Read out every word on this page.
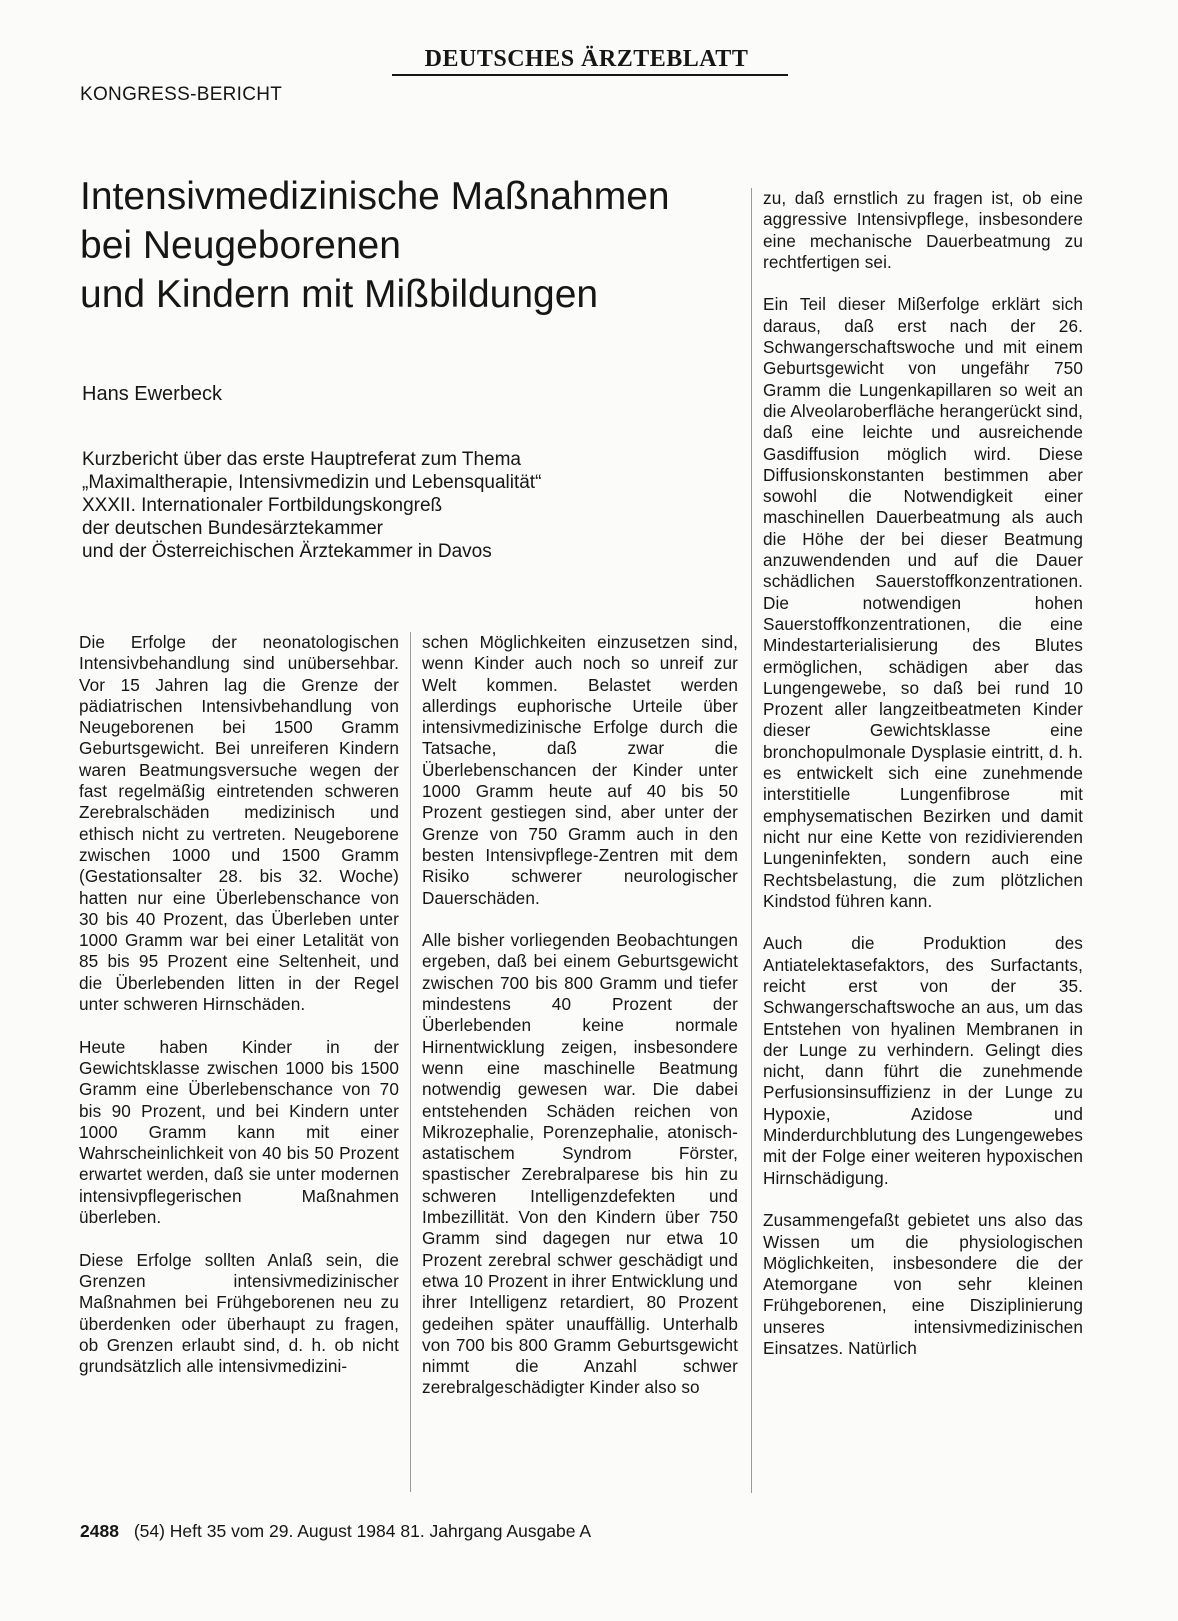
DEUTSCHES ÄRZTEBLATT
KONGRESS-BERICHT
Intensivmedizinische Maßnahmen
bei Neugeborenen
und Kindern mit Mißbildungen
Hans Ewerbeck
Kurzbericht über das erste Hauptreferat zum Thema
„Maximaltherapie, Intensivmedizin und Lebensqualität“
XXXII. Internationaler Fortbildungskongreß
der deutschen Bundesärztekammer
und der Österreichischen Ärztekammer in Davos

Die Erfolge der neonatologischen Intensivbehandlung sind unübersehbar. Vor 15 Jahren lag die Grenze der pädiatrischen Intensivbehandlung von Neugeborenen bei 1500 Gramm Geburtsgewicht. Bei unreiferen Kindern waren Beatmungsversuche wegen der fast regelmäßig eintretenden schweren Zerebralschäden medizinisch und ethisch nicht zu vertreten. Neugeborene zwischen 1000 und 1500 Gramm (Gestationsalter 28. bis 32. Woche) hatten nur eine Überlebenschance von 30 bis 40 Prozent, das Überleben unter 1000 Gramm war bei einer Letalität von 85 bis 95 Prozent eine Seltenheit, und die Überlebenden litten in der Regel unter schweren Hirnschäden.

Heute haben Kinder in der Gewichtsklasse zwischen 1000 bis 1500 Gramm eine Überlebenschance von 70 bis 90 Prozent, und bei Kindern unter 1000 Gramm kann mit einer Wahrscheinlichkeit von 40 bis 50 Prozent erwartet werden, daß sie unter modernen intensivpflegerischen Maßnahmen überleben.

Diese Erfolge sollten Anlaß sein, die Grenzen intensivmedizinischer Maßnahmen bei Frühgeborenen neu zu überdenken oder überhaupt zu fragen, ob Grenzen erlaubt sind, d. h. ob nicht grundsätzlich alle intensivmedizini-

schen Möglichkeiten einzusetzen sind, wenn Kinder auch noch so unreif zur Welt kommen. Belastet werden allerdings euphorische Urteile über intensivmedizinische Erfolge durch die Tatsache, daß zwar die Überlebenschancen der Kinder unter 1000 Gramm heute auf 40 bis 50 Prozent gestiegen sind, aber unter der Grenze von 750 Gramm auch in den besten Intensivpflege-Zentren mit dem Risiko schwerer neurologischer Dauerschäden.

Alle bisher vorliegenden Beobachtungen ergeben, daß bei einem Geburtsgewicht zwischen 700 bis 800 Gramm und tiefer mindestens 40 Prozent der Überlebenden keine normale Hirnentwicklung zeigen, insbesondere wenn eine maschinelle Beatmung notwendig gewesen war. Die dabei entstehenden Schäden reichen von Mikrozephalie, Porenzephalie, atonisch-astatischem Syndrom Förster, spastischer Zerebralparese bis hin zu schweren Intelligenzdefekten und Imbezillität. Von den Kindern über 750 Gramm sind dagegen nur etwa 10 Prozent zerebral schwer geschädigt und etwa 10 Prozent in ihrer Entwicklung und ihrer Intelligenz retardiert, 80 Prozent gedeihen später unauffällig. Unterhalb von 700 bis 800 Gramm Geburtsgewicht nimmt die Anzahl schwer zerebralgeschädigter Kinder also so

zu, daß ernstlich zu fragen ist, ob eine aggressive Intensivpflege, insbesondere eine mechanische Dauerbeatmung zu rechtfertigen sei.

Ein Teil dieser Mißerfolge erklärt sich daraus, daß erst nach der 26. Schwangerschaftswoche und mit einem Geburtsgewicht von ungefähr 750 Gramm die Lungenkapillaren so weit an die Alveolaroberfläche herangerückt sind, daß eine leichte und ausreichende Gasdiffusion möglich wird. Diese Diffusionskonstanten bestimmen aber sowohl die Notwendigkeit einer maschinellen Dauerbeatmung als auch die Höhe der bei dieser Beatmung anzuwendenden und auf die Dauer schädlichen Sauerstoffkonzentrationen. Die notwendigen hohen Sauerstoffkonzentrationen, die eine Mindestarterialisierung des Blutes ermöglichen, schädigen aber das Lungengewebe, so daß bei rund 10 Prozent aller langzeitbeatmeten Kinder dieser Gewichtsklasse eine bronchopulmonale Dysplasie eintritt, d. h. es entwickelt sich eine zunehmende interstitielle Lungenfibrose mit emphysematischen Bezirken und damit nicht nur eine Kette von rezidivierenden Lungeninfekten, sondern auch eine Rechtsbelastung, die zum plötzlichen Kindstod führen kann.

Auch die Produktion des Antiatelektasefaktors, des Surfactants, reicht erst von der 35. Schwangerschaftswoche an aus, um das Entstehen von hyalinen Membranen in der Lunge zu verhindern. Gelingt dies nicht, dann führt die zunehmende Perfusionsinsuffizienz in der Lunge zu Hypoxie, Azidose und Minderdurchblutung des Lungengewebes mit der Folge einer weiteren hypoxischen Hirnschädigung.

Zusammengefaßt gebietet uns also das Wissen um die physiologischen Möglichkeiten, insbesondere die der Atemorgane von sehr kleinen Frühgeborenen, eine Disziplinierung unseres intensivmedizinischen Einsatzes. Natürlich

2488 (54) Heft 35 vom 29. August 1984 81. Jahrgang Ausgabe A
